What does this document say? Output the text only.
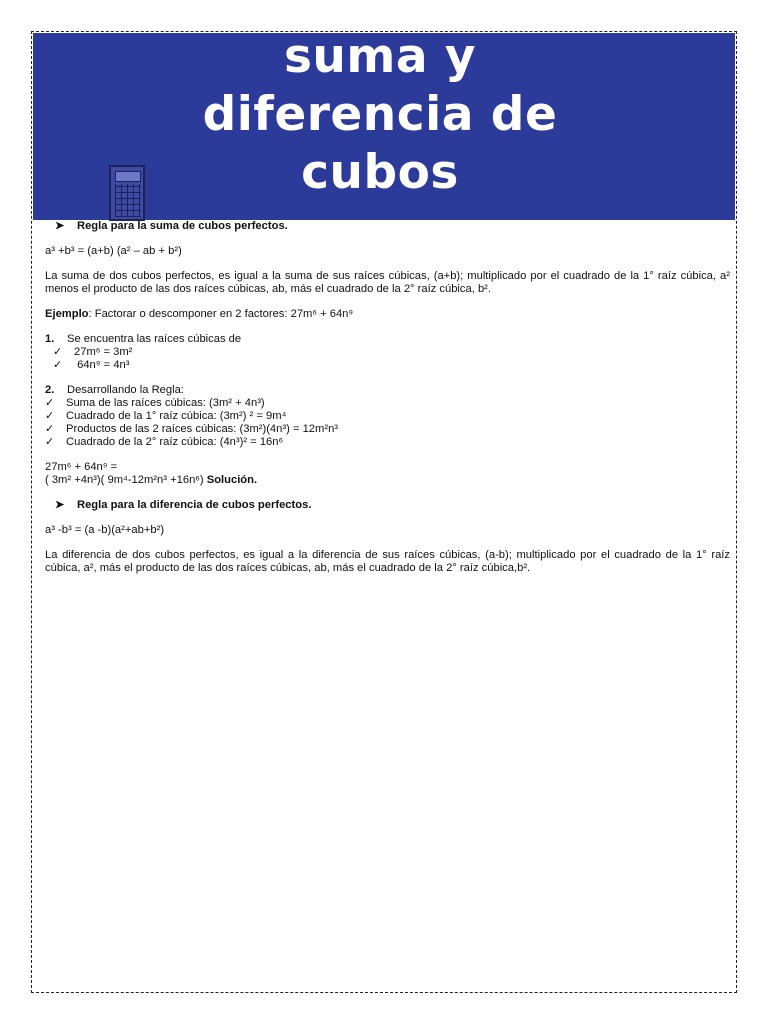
suma y
diferencia de
cubos

➤ Regla para la suma de cubos perfectos.

a³ +b³ = (a+b) (a² – ab + b²)

La suma de dos cubos perfectos, es igual a la suma de sus raíces cúbicas, (a+b); multiplicado por el cuadrado de la 1° raíz cúbica, a² menos el producto de las dos raíces cúbicas, ab, más el cuadrado de la 2° raíz cúbica, b².

Ejemplo: Factorar o descomponer en 2 factores: 27m⁶ + 64n⁹

1. Se encuentra las raíces cúbicas de

✓ 27m⁶ = 3m²

✓ 64n⁹ = 4n³

2. Desarrollando la Regla:

✓ Suma de las raíces cúbicas: (3m² + 4n³)

✓ Cuadrado de la 1° raíz cúbica: (3m²) ² = 9m⁴

✓ Productos de las 2 raíces cúbicas: (3m²)(4n³) = 12m²n³

✓ Cuadrado de la 2° raíz cúbica: (4n³)² = 16n⁶

27m⁶ + 64n⁹ =

( 3m² +4n³)( 9m⁴-12m²n³ +16n⁶) Solución.

➤ Regla para la diferencia de cubos perfectos.

a³ -b³ = (a -b)(a²+ab+b²)

La diferencia de dos cubos perfectos, es igual a la diferencia de sus raíces cúbicas, (a-b); multiplicado por el cuadrado de la 1° raíz cúbica, a², más el producto de las dos raíces cúbicas, ab, más el cuadrado de la 2° raíz cúbica,b².
